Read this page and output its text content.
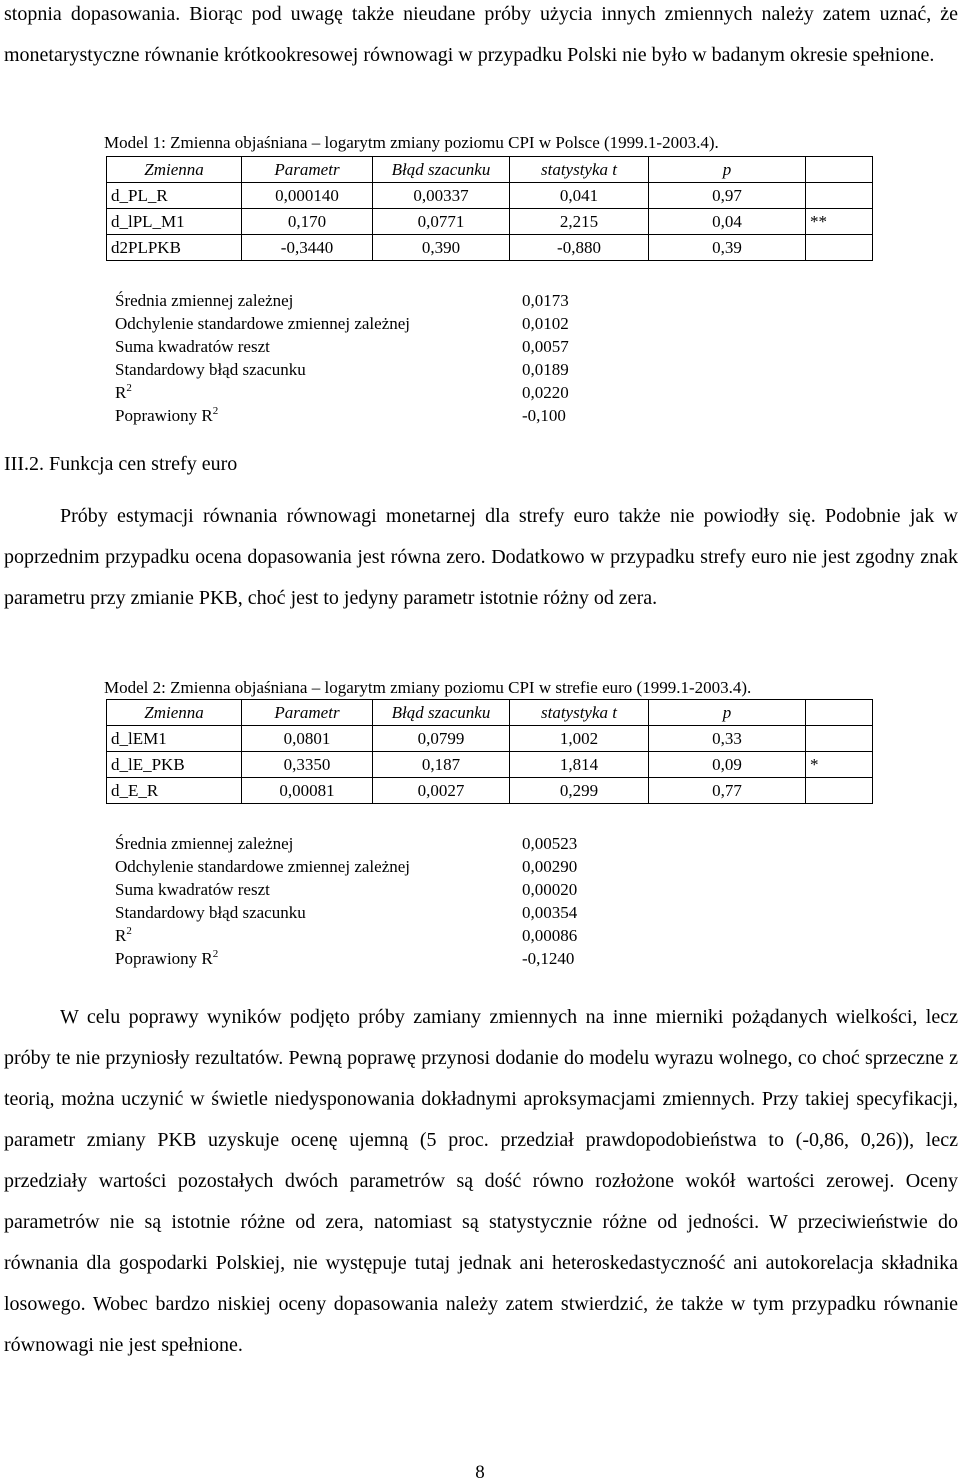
stopnia dopasowania. Biorąc pod uwagę także nieudane próby użycia innych zmiennych należy zatem uznać, że monetarystyczne równanie krótkookresowej równowagi w przypadku Polski nie było w badanym okresie spełnione.

Model 1: Zmienna objaśniana – logarytm zmiany poziomu CPI w Polsce (1999.1-2003.4).
Zmienna	Parametr	Błąd szacunku	statystyka t	p	
d_PL_R	0,000140	0,00337	0,041	0,97	
d_lPL_M1	0,170	0,0771	2,215	0,04	**
d2PLPKB	-0,3440	0,390	-0,880	0,39	
Średnia zmiennej zależnej	0,0173
Odchylenie standardowe zmiennej zależnej	0,0102
Suma kwadratów reszt	0,0057
Standardowy błąd szacunku	0,0189
$R^2$	0,0220
Poprawiony $R^2$	-0,100
III.2. Funkcja cen strefy euro

Próby estymacji równania równowagi monetarnej dla strefy euro także nie powiodły się. Podobnie jak w poprzednim przypadku ocena dopasowania jest równa zero. Dodatkowo w przypadku strefy euro nie jest zgodny znak parametru przy zmianie PKB, choć jest to jedyny parametr istotnie różny od zera.

Model 2: Zmienna objaśniana – logarytm zmiany poziomu CPI w strefie euro (1999.1-2003.4).
Zmienna	Parametr	Błąd szacunku	statystyka t	p	
d_lEM1	0,0801	0,0799	1,002	0,33	
d_lE_PKB	0,3350	0,187	1,814	0,09	*
d_E_R	0,00081	0,0027	0,299	0,77	
Średnia zmiennej zależnej	0,00523
Odchylenie standardowe zmiennej zależnej	0,00290
Suma kwadratów reszt	0,00020
Standardowy błąd szacunku	0,00354
$R^2$	0,00086
Poprawiony $R^2$	-0,1240

W celu poprawy wyników podjęto próby zamiany zmiennych na inne mierniki pożądanych wielkości, lecz próby te nie przyniosły rezultatów. Pewną poprawę przynosi dodanie do modelu wyrazu wolnego, co choć sprzeczne z teorią, można uczynić w świetle niedysponowania dokładnymi aproksymacjami zmiennych. Przy takiej specyfikacji, parametr zmiany PKB uzyskuje ocenę ujemną (5 proc. przedział prawdopodobieństwa to (-0,86, 0,26)), lecz przedziały wartości pozostałych dwóch parametrów są dość równo rozłożone wokół wartości zerowej. Oceny parametrów nie są istotnie różne od zera, natomiast są statystycznie różne od jedności. W przeciwieństwie do równania dla gospodarki Polskiej, nie występuje tutaj jednak ani heteroskedastyczność ani autokorelacja składnika losowego. Wobec bardzo niskiej oceny dopasowania należy zatem stwierdzić, że także w tym przypadku równanie równowagi nie jest spełnione.

8
